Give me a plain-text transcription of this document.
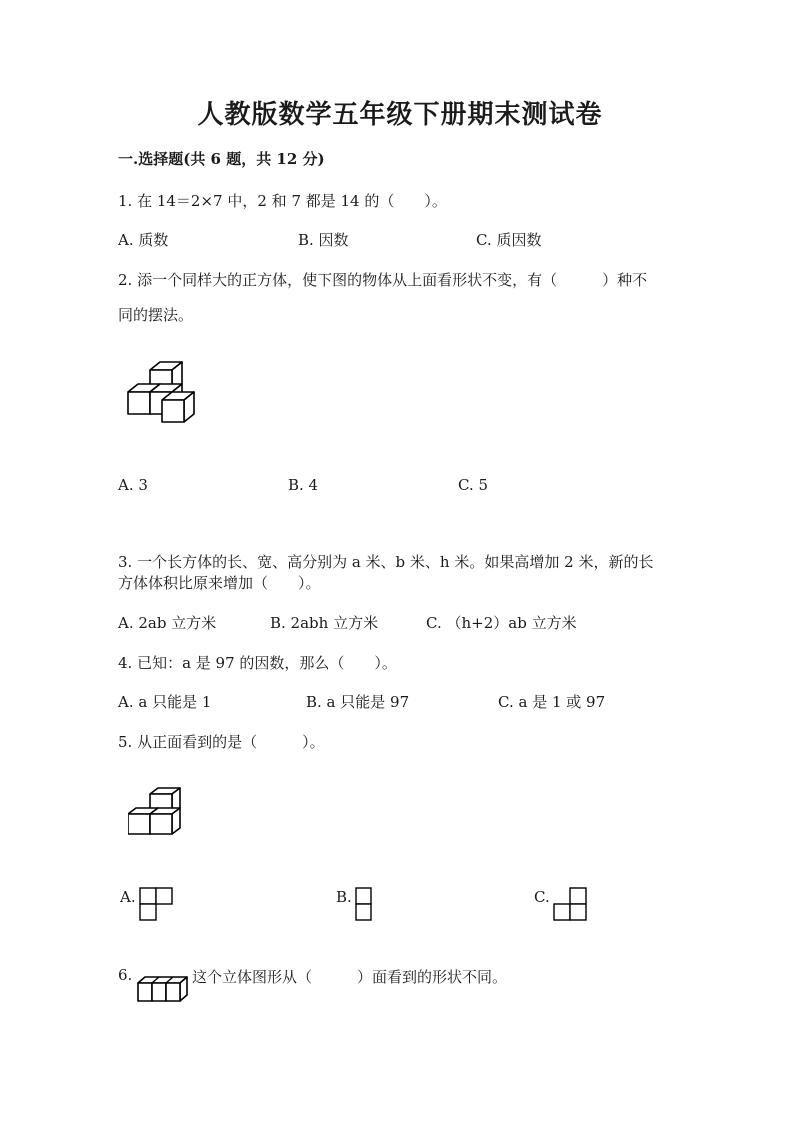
人教版数学五年级下册期末测试卷
一.选择题(共 6 题，共 12 分)
1. 在 14＝2×7 中，2 和 7 都是 14 的（　　）。
A. 质数	B. 因数	C. 质因数
2. 添一个同样大的正方体，使下图的物体从上面看形状不变，有（　　　）种不
同的摆法。
A. 3	B. 4	C. 5
3. 一个长方体的长、宽、高分别为 a 米、b 米、h 米。如果高增加 2 米，新的长
方体体积比原来增加（　　）。
A. 2ab 立方米	B. 2abh 立方米	C. （h+2）ab 立方米
4. 已知：a 是 97 的因数，那么（　　）。
A. a 只能是 1	B. a 只能是 97	C. a 是 1 或 97
5. 从正面看到的是（　　　）。
A.	B.	C.
6.	这个立体图形从（　　　）面看到的形状不同。
